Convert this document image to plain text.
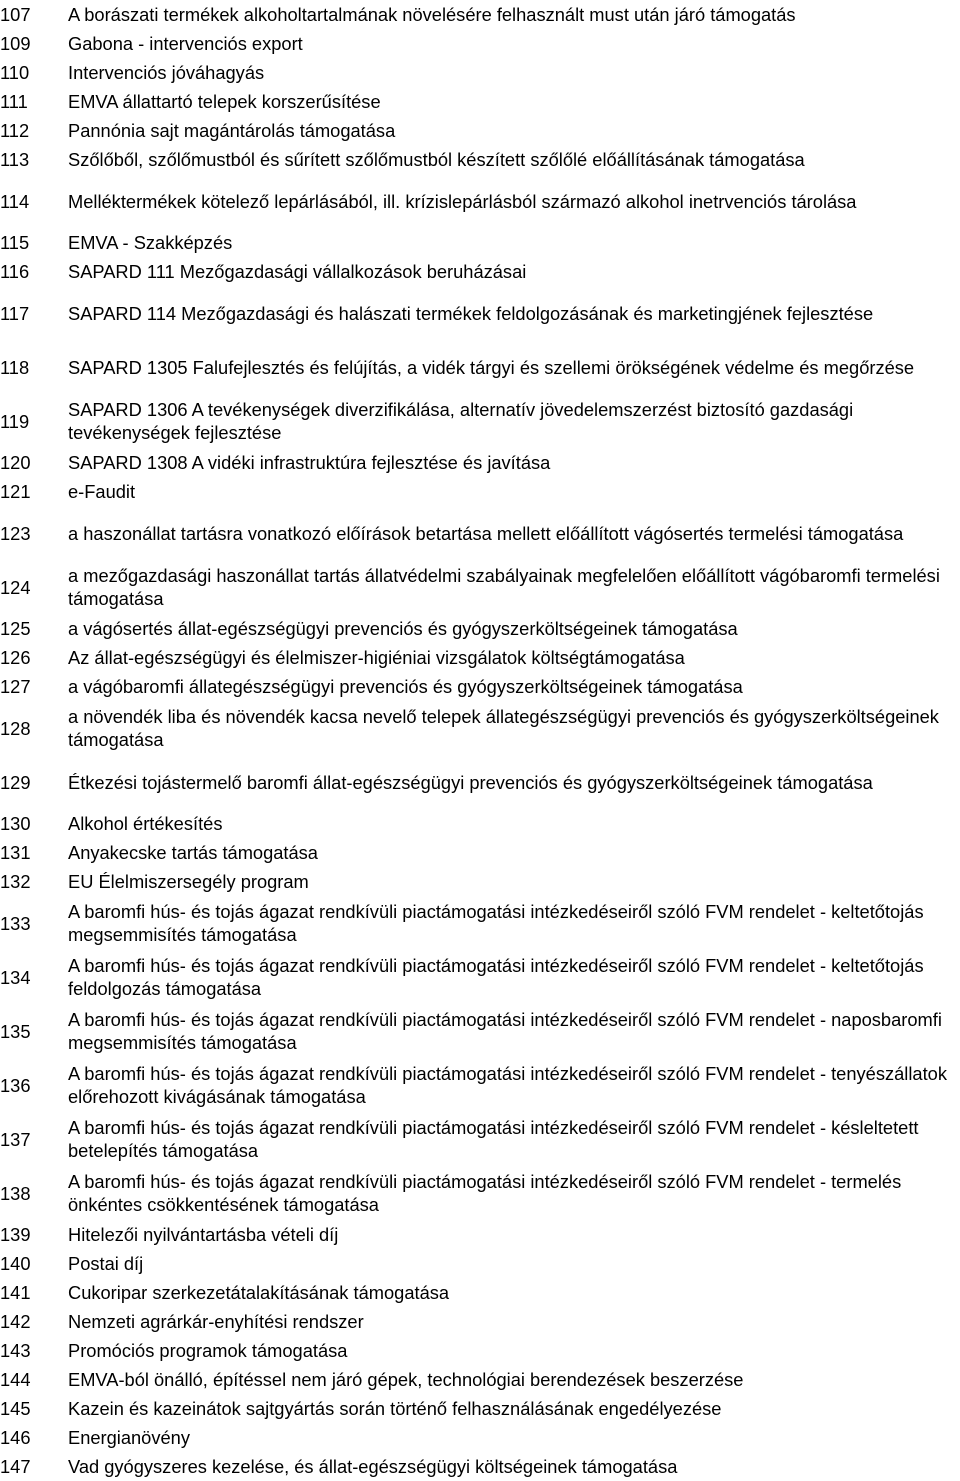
107	A borászati termékek alkoholtartalmának növelésére felhasznált must után járó támogatás
109	Gabona - intervenciós export
110	Intervenciós jóváhagyás
111	EMVA állattartó telepek korszerűsítése
112	Pannónia sajt magántárolás támogatása
113	Szőlőből, szőlőmustból és sűrített szőlőmustból készített szőlőlé előállításának támogatása
114	Melléktermékek kötelező lepárlásából, ill. krízislepárlásból származó alkohol inetrvenciós tárolása
115	EMVA - Szakképzés
116	SAPARD 111 Mezőgazdasági vállalkozások beruházásai
117	SAPARD 114 Mezőgazdasági és halászati termékek feldolgozásának és marketingjének fejlesztése
118	SAPARD 1305 Falufejlesztés és felújítás, a vidék tárgyi és szellemi örökségének védelme és megőrzése
119	SAPARD 1306 A tevékenységek diverzifikálása, alternatív jövedelemszerzést biztosító gazdasági tevékenységek fejlesztése
120	SAPARD 1308 A vidéki infrastruktúra fejlesztése és javítása
121	e-Faudit
123	a haszonállat tartásra vonatkozó előírások betartása mellett előállított vágósertés termelési támogatása
124	a mezőgazdasági haszonállat tartás állatvédelmi szabályainak megfelelően előállított vágóbaromfi termelési támogatása
125	a vágósertés állat-egészségügyi prevenciós és gyógyszerköltségeinek támogatása
126	Az állat-egészségügyi és élelmiszer-higiéniai vizsgálatok költségtámogatása
127	a vágóbaromfi állategészségügyi prevenciós és gyógyszerköltségeinek támogatása
128	a növendék liba és növendék kacsa nevelő telepek állategészségügyi prevenciós és gyógyszerköltségeinek támogatása
129	Étkezési tojástermelő baromfi állat-egészségügyi prevenciós és gyógyszerköltségeinek támogatása
130	Alkohol értékesítés
131	Anyakecske tartás támogatása
132	EU Élelmiszersegély program
133	A baromfi hús- és tojás ágazat rendkívüli piactámogatási intézkedéseiről szóló FVM rendelet - keltetőtojás megsemmisítés támogatása
134	A baromfi hús- és tojás ágazat rendkívüli piactámogatási intézkedéseiről szóló FVM rendelet - keltetőtojás feldolgozás támogatása
135	A baromfi hús- és tojás ágazat rendkívüli piactámogatási intézkedéseiről szóló FVM rendelet - naposbaromfi megsemmisítés támogatása
136	A baromfi hús- és tojás ágazat rendkívüli piactámogatási intézkedéseiről szóló FVM rendelet - tenyészállatok előrehozott kivágásának támogatása
137	A baromfi hús- és tojás ágazat rendkívüli piactámogatási intézkedéseiről szóló FVM rendelet - késleltetett betelepítés támogatása
138	A baromfi hús- és tojás ágazat rendkívüli piactámogatási intézkedéseiről szóló FVM rendelet - termelés önkéntes csökkentésének támogatása
139	Hitelezői nyilvántartásba vételi díj
140	Postai díj
141	Cukoripar szerkezetátalakításának támogatása
142	Nemzeti agrárkár-enyhítési rendszer
143	Promóciós programok támogatása
144	EMVA-ból önálló, építéssel nem járó gépek, technológiai berendezések beszerzése
145	Kazein és kazeinátok sajtgyártás során történő felhasználásának engedélyezése
146	Energianövény
147	Vad gyógyszeres kezelése, és állat-egészségügyi költségeinek támogatása
